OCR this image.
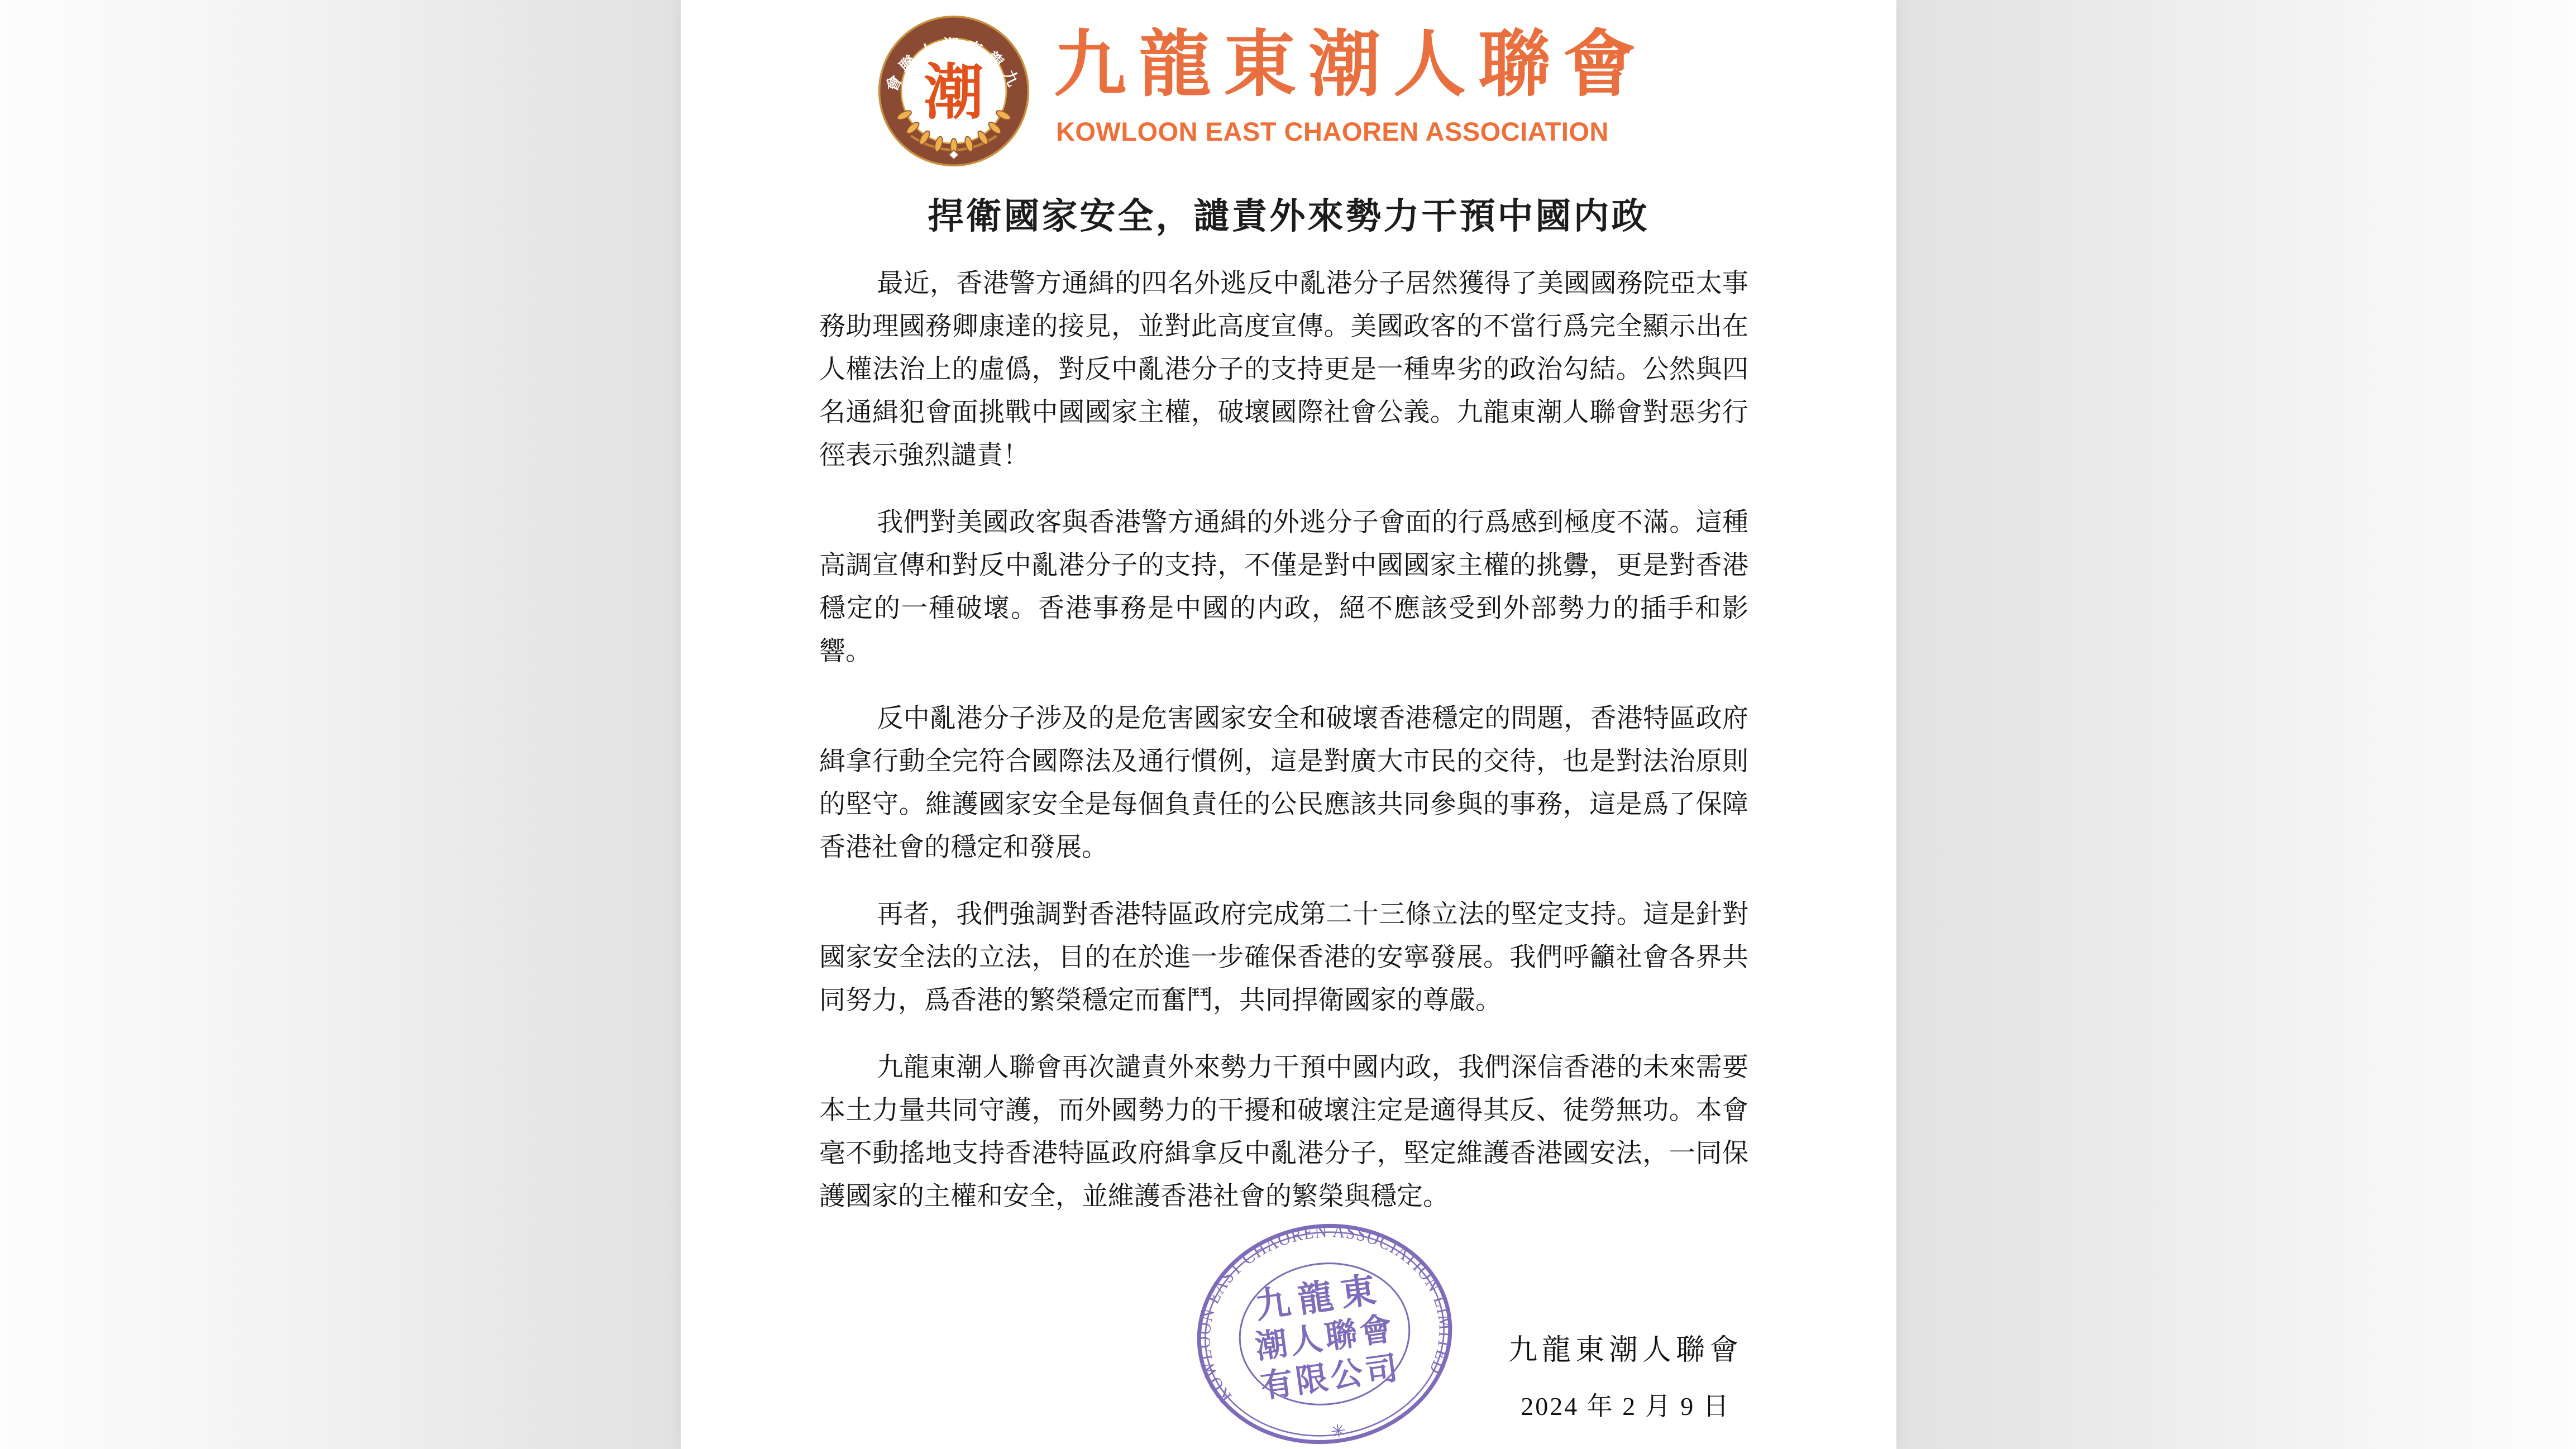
會聯人潮東龍九
潮 九龍東潮人聯會
KOWLOON EAST CHAOREN ASSOCIATION
捍衛國家安全，譴責外來勢力干預中國内政

最近，香港警方通緝的四名外逃反中亂港分子居然獲得了美國國務院亞太事務助理國務卿康達的接見，並對此高度宣傳。美國政客的不當行爲完全顯示出在人權法治上的虛僞，對反中亂港分子的支持更是一種卑劣的政治勾結。公然與四名通緝犯會面挑戰中國國家主權，破壞國際社會公義。九龍東潮人聯會對惡劣行徑表示強烈譴責！

我們對美國政客與香港警方通緝的外逃分子會面的行爲感到極度不滿。這種高調宣傳和對反中亂港分子的支持，不僅是對中國國家主權的挑釁，更是對香港穩定的一種破壞。香港事務是中國的内政，絕不應該受到外部勢力的插手和影響。

反中亂港分子涉及的是危害國家安全和破壞香港穩定的問題，香港特區政府緝拿行動全完符合國際法及通行慣例，這是對廣大市民的交待，也是對法治原則的堅守。維護國家安全是每個負責任的公民應該共同參與的事務，這是爲了保障香港社會的穩定和發展。

再者，我們強調對香港特區政府完成第二十三條立法的堅定支持。這是針對國家安全法的立法，目的在於進一步確保香港的安寧發展。我們呼籲社會各界共同努力，爲香港的繁榮穩定而奮鬥，共同捍衛國家的尊嚴。

九龍東潮人聯會再次譴責外來勢力干預中國内政，我們深信香港的未來需要本土力量共同守護，而外國勢力的干擾和破壞注定是適得其反、徒勞無功。本會毫不動搖地支持香港特區政府緝拿反中亂港分子，堅定維護香港國安法，一同保護國家的主權和安全，並維護香港社會的繁榮與穩定。

KOWLOON EAST CHAOREN ASSOCIATION LIMITED
✳
九龍東
潮人聯會
有限公司	九龍東潮人聯會
2024 年 2 月 9 日
